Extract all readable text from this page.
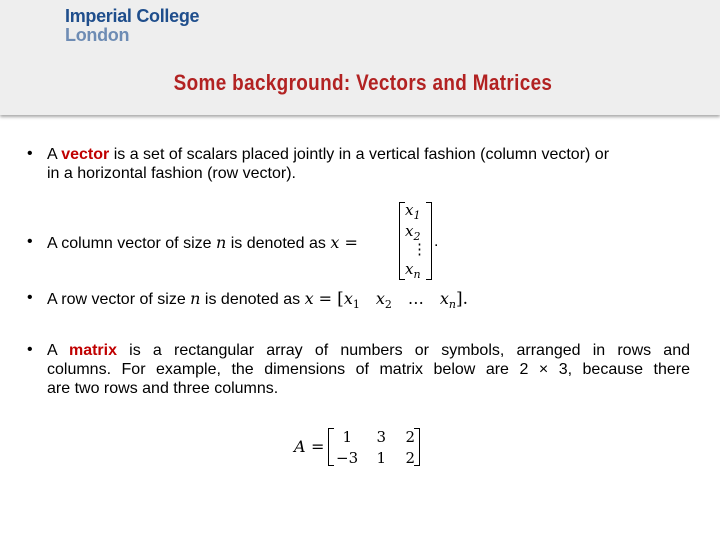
Imperial College
London
Some background: Vectors and Matrices
• A vector is a set of scalars placed jointly in a vertical fashion (column vector) or
in a horizontal fashion (row vector).
• A column vector of size n is denoted as x =
$x_1$
$x_2$
⋮
$x_n$
.
• A row vector of size n is denoted as $x = [x_1$ $x_2$ … $x_n$].
• A matrix is a rectangular array of numbers or symbols, arranged in rows and
columns. For example, the dimensions of matrix below are 2 × 3, because there
are two rows and three columns.
A =	1	3	2
−3	1	2
